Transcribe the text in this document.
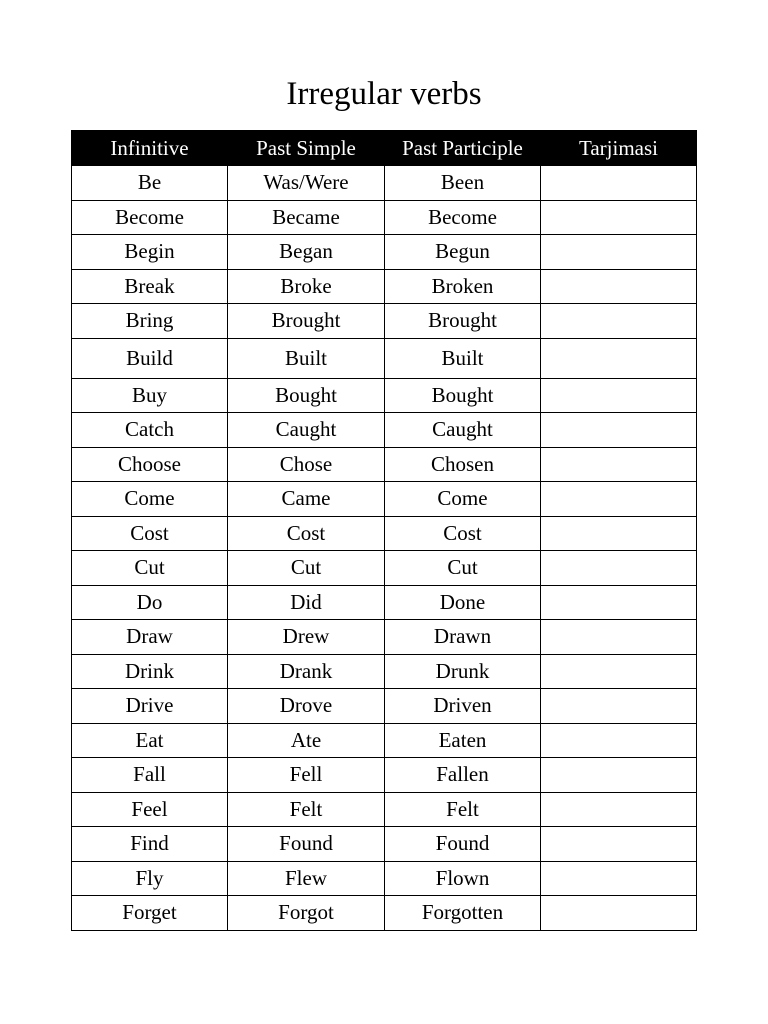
Irregular verbs
Infinitive	Past Simple	Past Participle	Tarjimasi
Be	Was/Were	Been	
Become	Became	Become	
Begin	Began	Begun	
Break	Broke	Broken	
Bring	Brought	Brought	
Build	Built	Built	
Buy	Bought	Bought	
Catch	Caught	Caught	
Choose	Chose	Chosen	
Come	Came	Come	
Cost	Cost	Cost	
Cut	Cut	Cut	
Do	Did	Done	
Draw	Drew	Drawn	
Drink	Drank	Drunk	
Drive	Drove	Driven	
Eat	Ate	Eaten	
Fall	Fell	Fallen	
Feel	Felt	Felt	
Find	Found	Found	
Fly	Flew	Flown	
Forget	Forgot	Forgotten	
